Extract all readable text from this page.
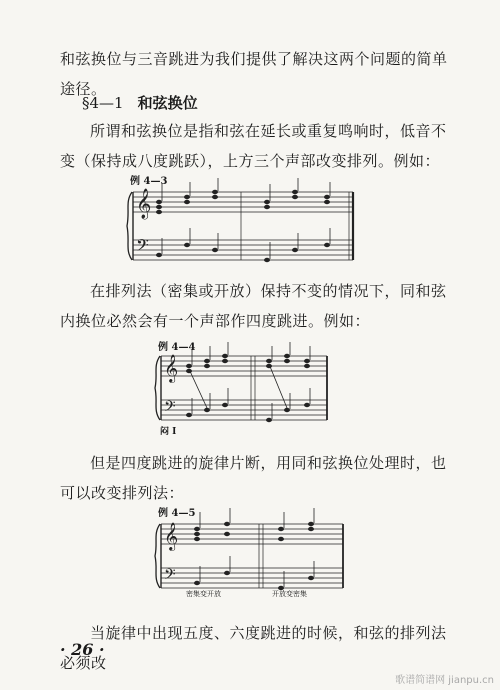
和弦换位与三音跳进为我们提供了解决这两个问题的简单途径。

§4—1 和弦换位

所谓和弦换位是指和弦在延长或重复鸣响时，低音不变（保持成八度跳跃），上方三个声部改变排列。例如：

例 4—3
𝄞
𝄢

在排列法（密集或开放）保持不变的情况下，同和弦内换位必然会有一个声部作四度跳进。例如：

例 4—4
𝄞
𝄢
闷 I

但是四度跳进的旋律片断，用同和弦换位处理时，也可以改变排列法：

例 4—5
𝄞
𝄢
密集变开放	开放变密集

当旋律中出现五度、六度跳进的时候，和弦的排列法必须改

· 26 ·
歌谱简谱网 jianpu.cn
